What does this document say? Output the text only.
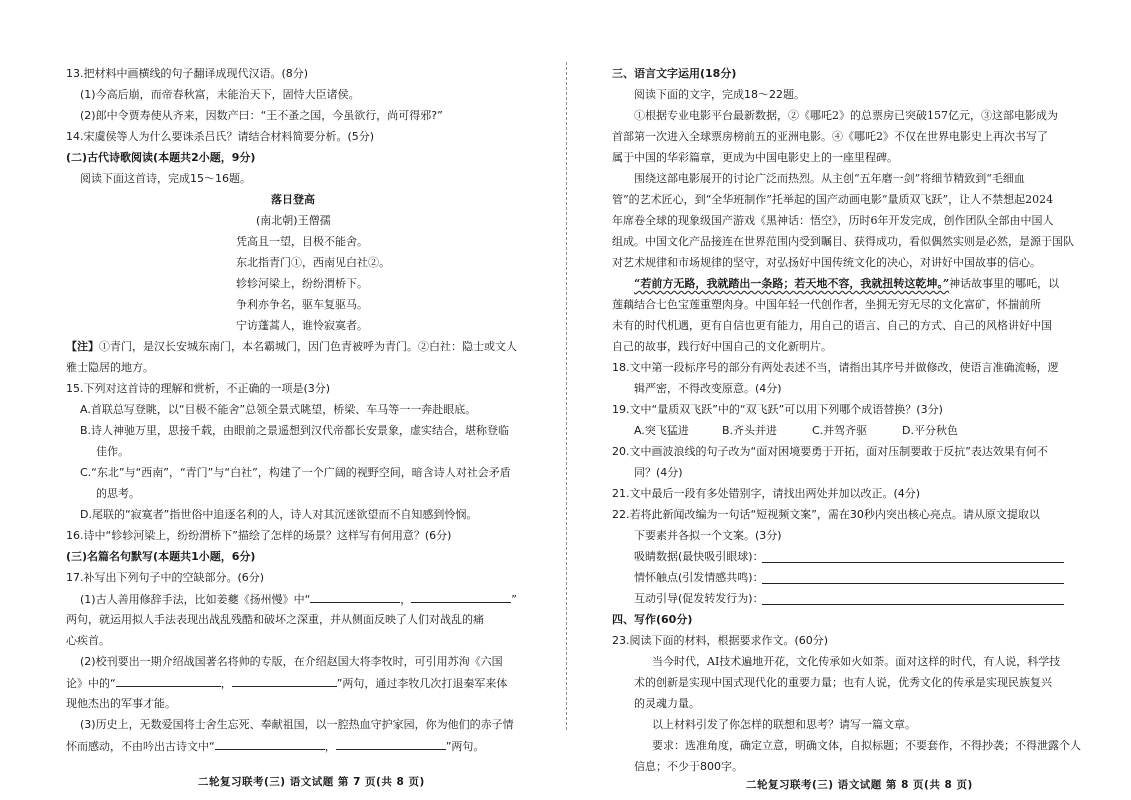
13.把材料中画横线的句子翻译成现代汉语。(8分)
(1)今高后崩，而帝春秋富，未能治天下，固恃大臣诸侯。
(2)郎中令贾寿使从齐来，因数产曰：“王不蚤之国，今虽欲行，尚可得邪?”
14.宋虞侯等人为什么要诛杀吕氏？请结合材料简要分析。(5分)
(二)古代诗歌阅读(本题共2小题，9分)
阅读下面这首诗，完成15～16题。
落日登高
(南北朝)王僧孺
凭高且一望，目极不能舍。
东北指青门①，西南见白社②。
轸轸河梁上，纷纷渭桥下。
争利亦争名，驱车复驱马。
宁访蓬蒿人，谁怜寂寞者。
【注】①青门，是汉长安城东南门，本名霸城门，因门色青被呼为青门。②白社：隐士或文人
雅士隐居的地方。
15.下列对这首诗的理解和赏析，不正确的一项是(3分)
A.首联总写登眺，以“目极不能舍”总领全景式眺望，桥梁、车马等一一奔赴眼底。
B.诗人神驰万里，思接千载，由眼前之景遥想到汉代帝都长安景象，虚实结合，堪称登临
佳作。
C.“东北”与“西南”，“青门”与“白社”，构建了一个广阔的视野空间，暗含诗人对社会矛盾
的思考。
D.尾联的“寂寞者”指世俗中追逐名利的人，诗人对其沉迷欲望而不自知感到怜悯。
16.诗中“轸轸河梁上，纷纷渭桥下”描绘了怎样的场景？这样写有何用意？(6分)
(三)名篇名句默写(本题共1小题，6分)
17.补写出下列句子中的空缺部分。(6分)
(1)古人善用修辞手法，比如姜夔《扬州慢》中“	，	”
两句，就运用拟人手法表现出战乱残酷和破坏之深重，并从侧面反映了人们对战乱的痛
心疾首。
(2)校刊要出一期介绍战国著名将帅的专版，在介绍赵国大将李牧时，可引用苏洵《六国
论》中的“	，	”两句，通过李牧几次打退秦军来体
现他杰出的军事才能。
(3)历史上，无数爱国将士舍生忘死、奉献祖国，以一腔热血守护家园，你为他们的赤子情
怀而感动，不由吟出古诗文中“	，	”两句。
二轮复习联考(三) 语文试题 第 7 页(共 8 页)
三、语言文字运用(18分)
阅读下面的文字，完成18～22题。
①根据专业电影平台最新数据，②《哪吒2》的总票房已突破157亿元，③这部电影成为
首部第一次进入全球票房榜前五的亚洲电影。④《哪吒2》不仅在世界电影史上再次书写了
属于中国的华彩篇章，更成为中国电影史上的一座里程碑。
围绕这部电影展开的讨论广泛而热烈。从主创“五年磨一剑”将细节精致到“毛细血
管”的艺术匠心，到“全华班制作”托举起的国产动画电影“量质双飞跃”，让人不禁想起2024
年席卷全球的现象级国产游戏《黑神话：悟空》，历时6年开发完成，创作团队全部由中国人
组成。中国文化产品接连在世界范围内受到瞩目、获得成功，看似偶然实则是必然，是源于国队
对艺术规律和市场规律的坚守，对弘扬好中国传统文化的决心，对讲好中国故事的信心。
“若前方无路，我就踏出一条路；若天地不容，我就扭转这乾坤。”神话故事里的哪吒，以
莲藕结合七色宝莲重塑肉身。中国年轻一代创作者，坐拥无穷无尽的文化富矿，怀揣前所
未有的时代机遇，更有自信也更有能力，用自己的语言、自己的方式、自己的风格讲好中国
自己的故事，践行好中国自己的文化新明片。
18.文中第一段标序号的部分有两处表述不当，请指出其序号并做修改，使语言准确流畅，逻
辑严密，不得改变原意。(4分)
19.文中“量质双飞跃”中的“双飞跃”可以用下列哪个成语替换？(3分)
A.突飞猛进	B.齐头并进	C.并驾齐驱	D.平分秋色
20.文中画波浪线的句子改为“面对困境要勇于开拓，面对压制要敢于反抗”表达效果有何不
同？(4分)
21.文中最后一段有多处错别字，请找出两处并加以改正。(4分)
22.若将此新闻改编为一句话“短视频文案”，需在30秒内突出核心亮点。请从原文提取以
下要素并各拟一个文案。(3分)
吸睛数据(最快吸引眼球)：
情怀触点(引发情感共鸣)：
互动引导(促发转发行为)：
四、写作(60分)
23.阅读下面的材料，根据要求作文。(60分)
当今时代，AI技术遍地开花，文化传承如火如荼。面对这样的时代，有人说，科学技
术的创新是实现中国式现代化的重要力量；也有人说，优秀文化的传承是实现民族复兴
的灵魂力量。
以上材料引发了你怎样的联想和思考？请写一篇文章。
要求：选准角度，确定立意，明确文体，自拟标题；不要套作，不得抄袭；不得泄露个人
信息；不少于800字。
二轮复习联考(三) 语文试题 第 8 页(共 8 页)
